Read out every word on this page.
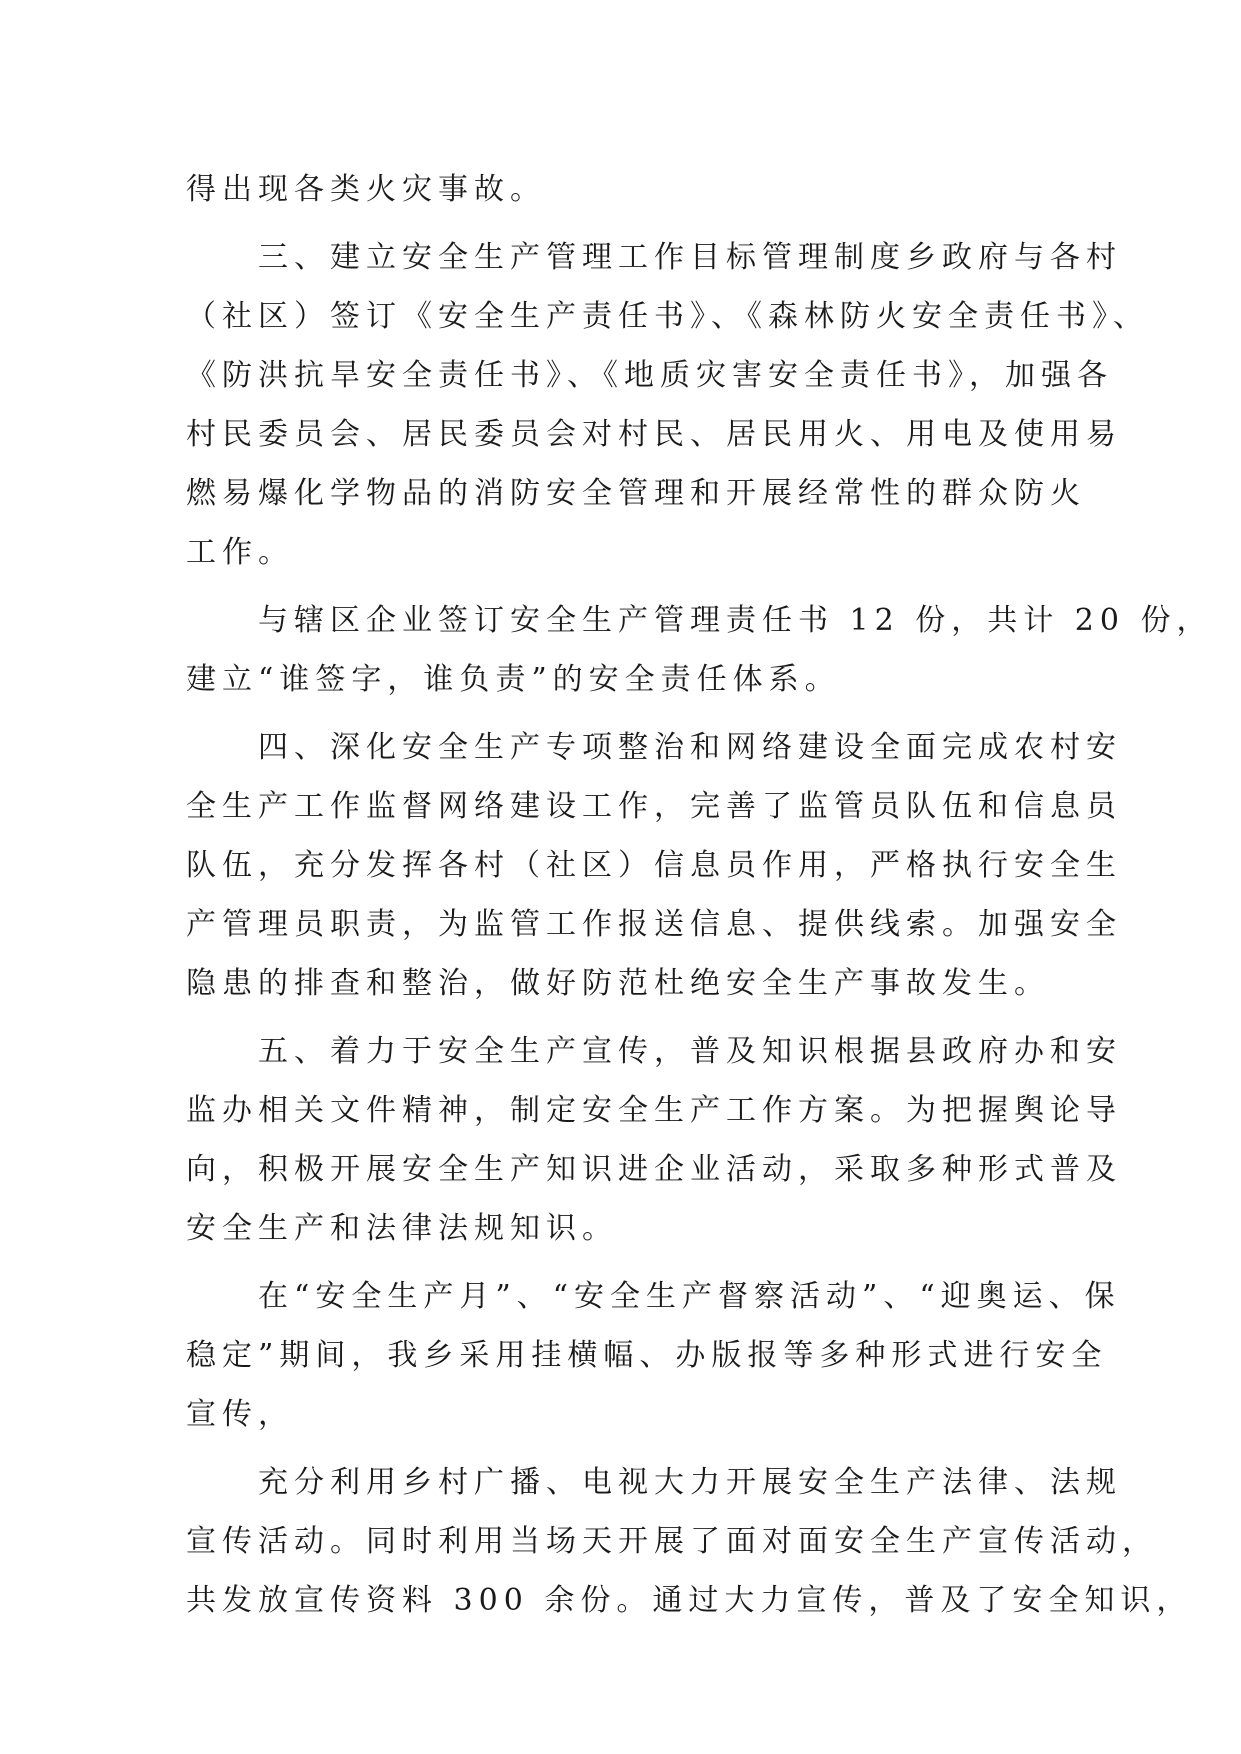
得出现各类火灾事故。
　　三、建立安全生产管理工作目标管理制度乡政府与各村
（社区）签订《安全生产责任书》、《森林防火安全责任书》、
《防洪抗旱安全责任书》、《地质灾害安全责任书》，加强各
村民委员会、居民委员会对村民、居民用火、用电及使用易
燃易爆化学物品的消防安全管理和开展经常性的群众防火
工作。
　　与辖区企业签订安全生产管理责任书 12 份，共计 20 份，
建立“谁签字，谁负责”的安全责任体系。
　　四、深化安全生产专项整治和网络建设全面完成农村安
全生产工作监督网络建设工作，完善了监管员队伍和信息员
队伍，充分发挥各村（社区）信息员作用，严格执行安全生
产管理员职责，为监管工作报送信息、提供线索。加强安全
隐患的排查和整治，做好防范杜绝安全生产事故发生。
　　五、着力于安全生产宣传，普及知识根据县政府办和安
监办相关文件精神，制定安全生产工作方案。为把握舆论导
向，积极开展安全生产知识进企业活动，采取多种形式普及
安全生产和法律法规知识。
　　在“安全生产月”、“安全生产督察活动”、“迎奥运、保
稳定”期间，我乡采用挂横幅、办版报等多种形式进行安全
宣传，
　　充分利用乡村广播、电视大力开展安全生产法律、法规
宣传活动。同时利用当场天开展了面对面安全生产宣传活动，
共发放宣传资料 300 余份。通过大力宣传，普及了安全知识，
